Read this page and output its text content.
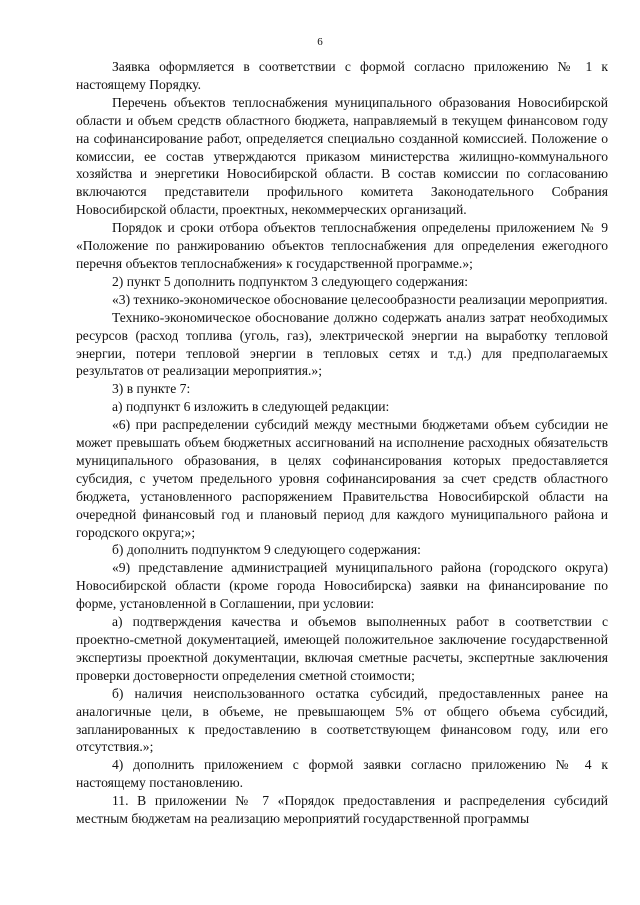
6

Заявка оформляется в соответствии с формой согласно приложению № 1 к настоящему Порядку.

Перечень объектов теплоснабжения муниципального образования Новосибирской области и объем средств областного бюджета, направляемый в текущем финансовом году на софинансирование работ, определяется специально созданной комиссией. Положение о комиссии, ее состав утверждаются приказом министерства жилищно-коммунального хозяйства и энергетики Новосибирской области. В состав комиссии по согласованию включаются представители профильного комитета Законодательного Собрания Новосибирской области, проектных, некоммерческих организаций.

Порядок и сроки отбора объектов теплоснабжения определены приложением № 9 «Положение по ранжированию объектов теплоснабжения для определения ежегодного перечня объектов теплоснабжения» к государственной программе.»;

2) пункт 5 дополнить подпунктом 3 следующего содержания:

«3) технико-экономическое обоснование целесообразности реализации мероприятия.

Технико-экономическое обоснование должно содержать анализ затрат необходимых ресурсов (расход топлива (уголь, газ), электрической энергии на выработку тепловой энергии, потери тепловой энергии в тепловых сетях и т.д.) для предполагаемых результатов от реализации мероприятия.»;

3) в пункте 7:

а) подпункт 6 изложить в следующей редакции:

«6) при распределении субсидий между местными бюджетами объем субсидии не может превышать объем бюджетных ассигнований на исполнение расходных обязательств муниципального образования, в целях софинансирования которых предоставляется субсидия, с учетом предельного уровня софинансирования за счет средств областного бюджета, установленного распоряжением Правительства Новосибирской области на очередной финансовый год и плановый период для каждого муниципального района и городского округа;»;

б) дополнить подпунктом 9 следующего содержания:

«9) представление администрацией муниципального района (городского округа) Новосибирской области (кроме города Новосибирска) заявки на финансирование по форме, установленной в Соглашении, при условии:

а) подтверждения качества и объемов выполненных работ в соответствии с проектно-сметной документацией, имеющей положительное заключение государственной экспертизы проектной документации, включая сметные расчеты, экспертные заключения проверки достоверности определения сметной стоимости;

б) наличия неиспользованного остатка субсидий, предоставленных ранее на аналогичные цели, в объеме, не превышающем 5% от общего объема субсидий, запланированных к предоставлению в соответствующем финансовом году, или его отсутствия.»;

4) дополнить приложением с формой заявки согласно приложению № 4 к настоящему постановлению.

11. В приложении № 7 «Порядок предоставления и распределения субсидий местным бюджетам на реализацию мероприятий государственной программы
